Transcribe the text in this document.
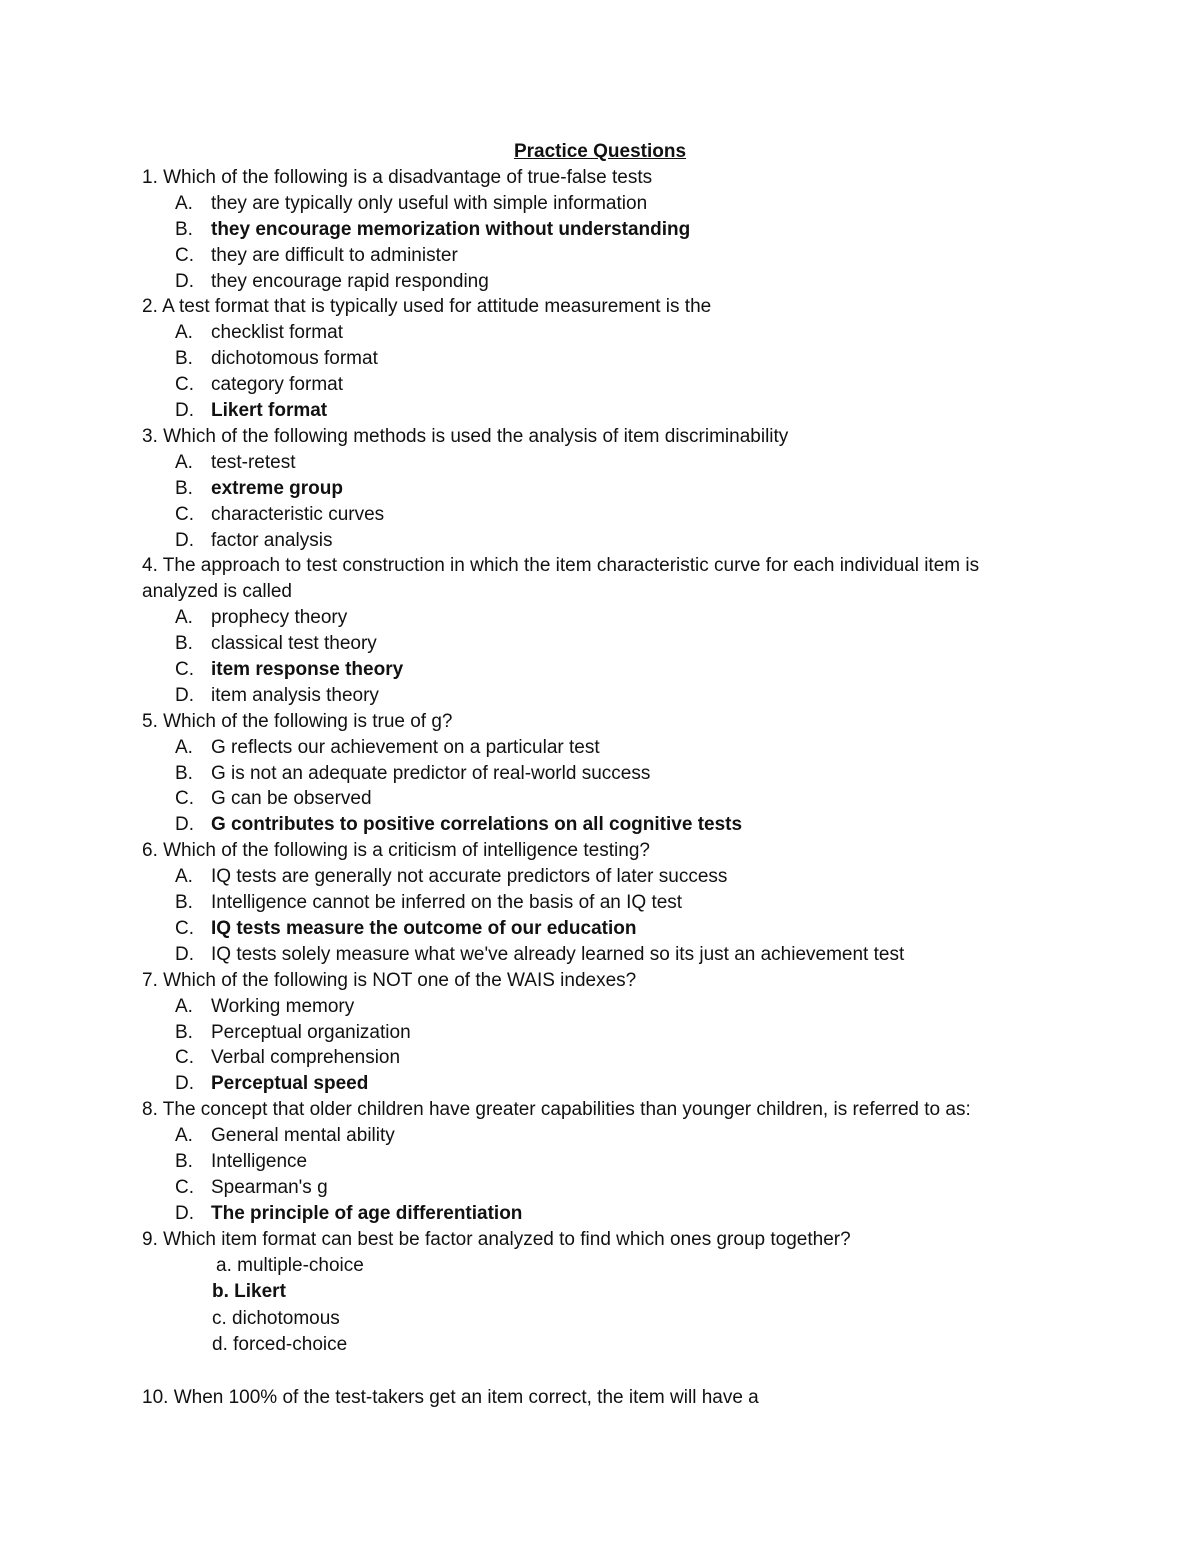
Practice Questions

1. Which of the following is a disadvantage of true-false tests

A. they are typically only useful with simple information
B. they encourage memorization without understanding
C. they are difficult to administer
D. they encourage rapid responding

2. A test format that is typically used for attitude measurement is the

A. checklist format
B. dichotomous format
C. category format
D. Likert format

3. Which of the following methods is used the analysis of item discriminability

A. test-retest
B. extreme group
C. characteristic curves
D. factor analysis

4. The approach to test construction in which the item characteristic curve for each individual item is analyzed is called

A. prophecy theory
B. classical test theory
C. item response theory
D. item analysis theory

5. Which of the following is true of g?

A. G reflects our achievement on a particular test
B. G is not an adequate predictor of real-world success
C. G can be observed
D. G contributes to positive correlations on all cognitive tests

6. Which of the following is a criticism of intelligence testing?

A. IQ tests are generally not accurate predictors of later success
B. Intelligence cannot be inferred on the basis of an IQ test
C. IQ tests measure the outcome of our education
D. IQ tests solely measure what we've already learned so its just an achievement test

7. Which of the following is NOT one of the WAIS indexes?

A. Working memory
B. Perceptual organization
C. Verbal comprehension
D. Perceptual speed

8. The concept that older children have greater capabilities than younger children, is referred to as:

A. General mental ability
B. Intelligence
C. Spearman's g
D. The principle of age differentiation

9. Which item format can best be factor analyzed to find which ones group together?

a. multiple-choice

b. Likert

c. dichotomous

d. forced-choice

10. When 100% of the test-takers get an item correct, the item will have a
